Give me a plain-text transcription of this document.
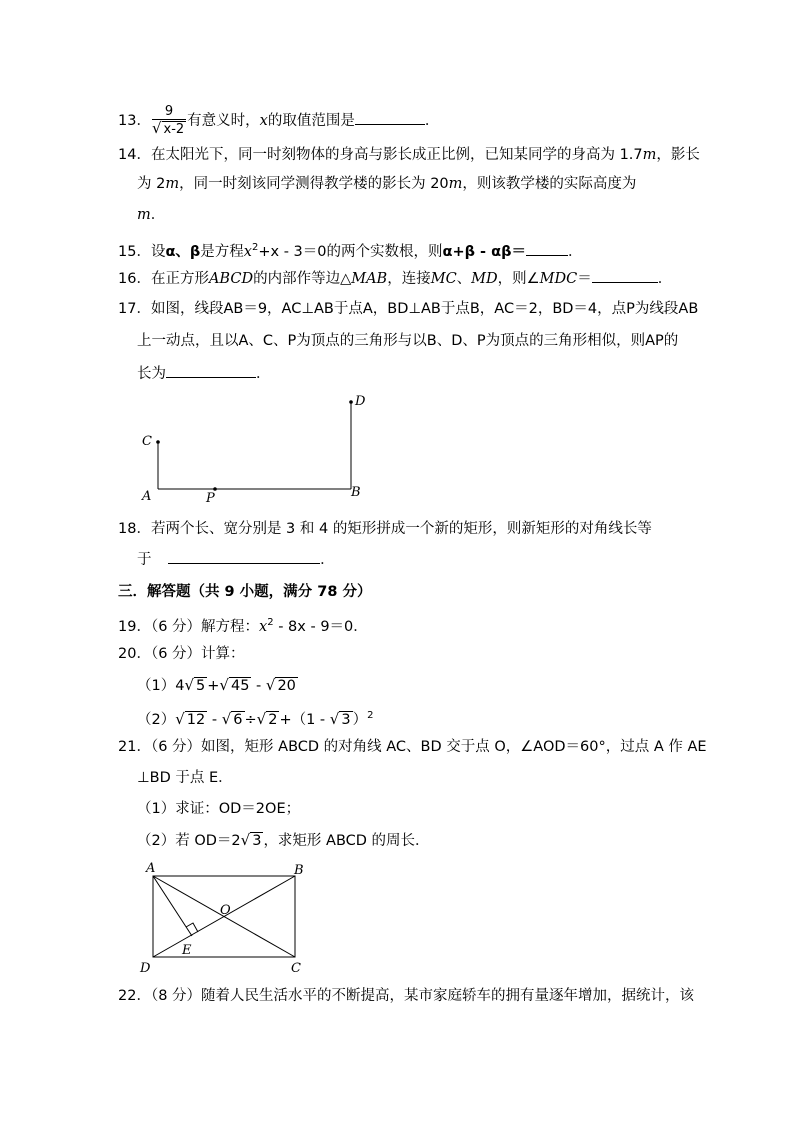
13． $\frac{9}{√ x-2}$ 有意义时，x的取值范围是	．
14．在太阳光下，同一时刻物体的身高与影长成正比例，已知某同学的身高为 1.7m，影长
为 2m，同一时刻该同学测得教学楼的影长为 20m，则该教学楼的实际高度为
m．
15．设α、β是方程$x^2+x - 3=0$的两个实数根，则α+β - αβ＝	．
16．在正方形ABCD的内部作等边△MAB，连接MC、MD，则∠MDC＝	．
17．如图，线段AB＝9，AC⊥AB于点A，BD⊥AB于点B，AC＝2，BD＝4，点P为线段AB
上一动点，且以A、C、P为顶点的三角形与以B、D、P为顶点的三角形相似，则AP的
长为	．
C
A	P	B
D
18．若两个长、宽分别是 3 和 4 的矩形拼成一个新的矩形，则新矩形的对角线长等
于	．
三．解答题（共 9 小题，满分 78 分）
19．（6 分）解方程：$x^2 - 8x - 9=0$．
20．（6 分）计算：
（1）4√ 5 +√ 45 - √ 20
（2）√ 12 - √ 6 ÷√ 2 +（1 - √ 3 ）$^2$
21．（6 分）如图，矩形 ABCD 的对角线 AC、BD 交于点 O，∠AOD＝60°，过点 A 作 AE
⊥BD 于点 E．
（1）求证：OD＝2OE；
（2）若 OD＝2√ 3 ，求矩形 ABCD 的周长．
A	B
C
D
O
E
22．（8 分）随着人民生活水平的不断提高，某市家庭轿车的拥有量逐年增加，据统计，该
